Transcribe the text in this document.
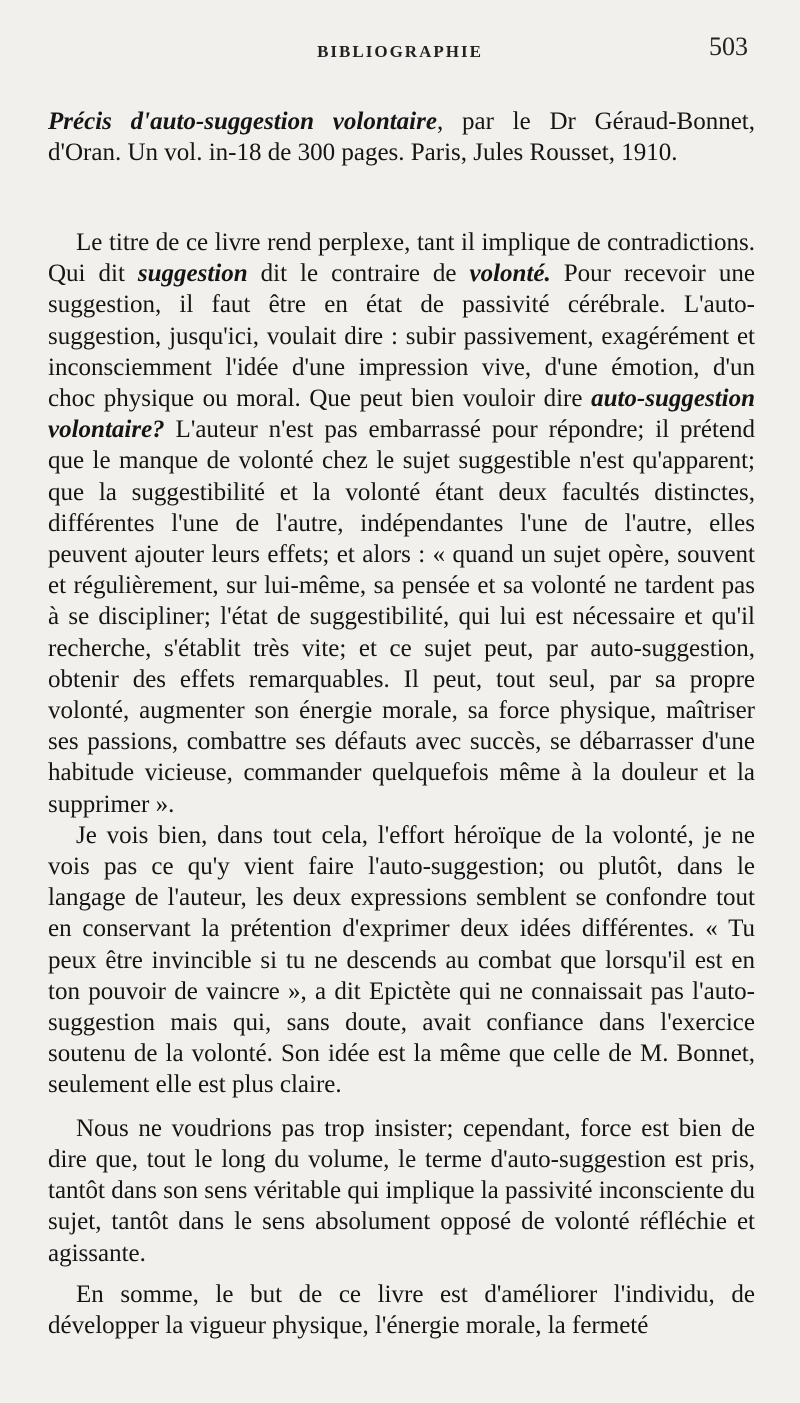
BIBLIOGRAPHIE	503
Précis d'auto-suggestion volontaire, par le Dr Géraud-Bonnet, d'Oran. Un vol. in-18 de 300 pages. Paris, Jules Rousset, 1910.

Le titre de ce livre rend perplexe, tant il implique de contradictions. Qui dit suggestion dit le contraire de volonté. Pour recevoir une suggestion, il faut être en état de passivité cérébrale. L'auto-suggestion, jusqu'ici, voulait dire : subir passivement, exagérément et inconsciemment l'idée d'une impression vive, d'une émotion, d'un choc physique ou moral. Que peut bien vouloir dire auto-suggestion volontaire? L'auteur n'est pas embarrassé pour répondre; il prétend que le manque de volonté chez le sujet suggestible n'est qu'apparent; que la suggestibilité et la volonté étant deux facultés distinctes, différentes l'une de l'autre, indépendantes l'une de l'autre, elles peuvent ajouter leurs effets; et alors : « quand un sujet opère, souvent et régulièrement, sur lui-même, sa pensée et sa volonté ne tardent pas à se discipliner; l'état de suggestibilité, qui lui est nécessaire et qu'il recherche, s'établit très vite; et ce sujet peut, par auto-suggestion, obtenir des effets remarquables. Il peut, tout seul, par sa propre volonté, augmenter son énergie morale, sa force physique, maîtriser ses passions, combattre ses défauts avec succès, se débarrasser d'une habitude vicieuse, commander quelquefois même à la douleur et la supprimer ».

Je vois bien, dans tout cela, l'effort héroïque de la volonté, je ne vois pas ce qu'y vient faire l'auto-suggestion; ou plutôt, dans le langage de l'auteur, les deux expressions semblent se confondre tout en conservant la prétention d'exprimer deux idées différentes. « Tu peux être invincible si tu ne descends au combat que lorsqu'il est en ton pouvoir de vaincre », a dit Epictète qui ne connaissait pas l'auto-suggestion mais qui, sans doute, avait confiance dans l'exercice soutenu de la volonté. Son idée est la même que celle de M. Bonnet, seulement elle est plus claire.

Nous ne voudrions pas trop insister; cependant, force est bien de dire que, tout le long du volume, le terme d'auto-suggestion est pris, tantôt dans son sens véritable qui implique la passivité inconsciente du sujet, tantôt dans le sens absolument opposé de volonté réfléchie et agissante.

En somme, le but de ce livre est d'améliorer l'individu, de développer la vigueur physique, l'énergie morale, la fermeté
